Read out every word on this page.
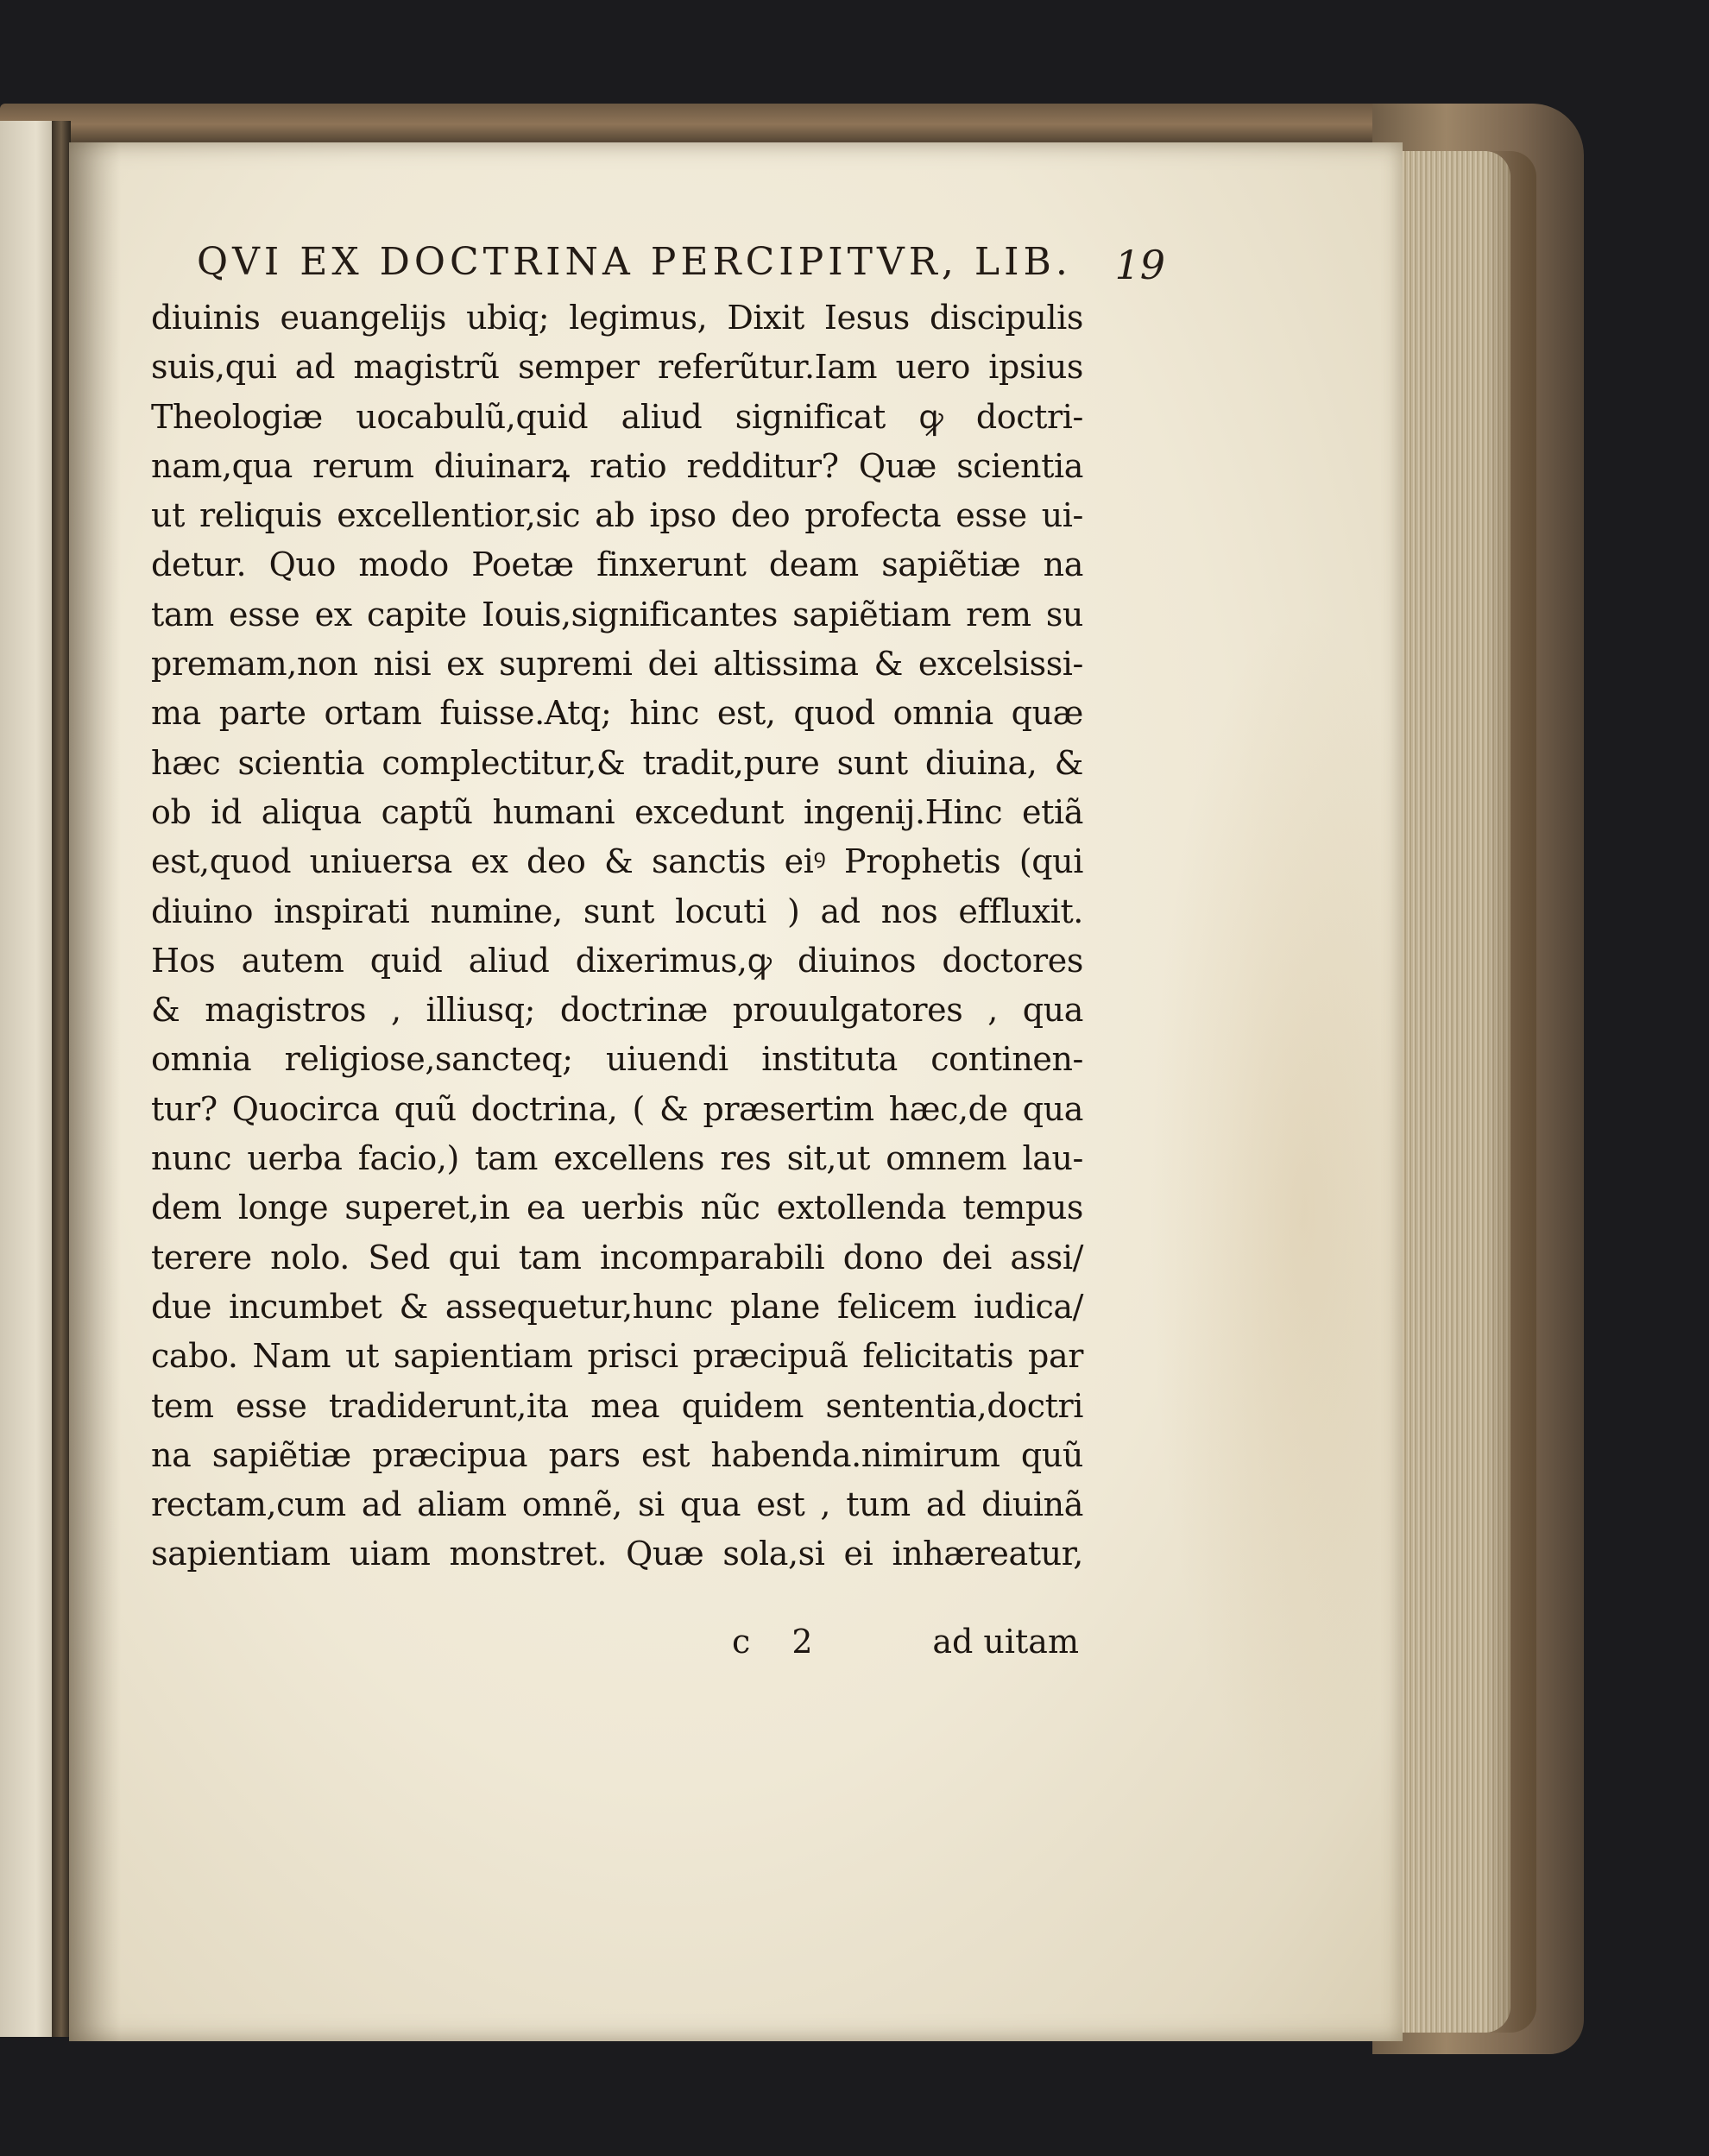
QVI EX DOCTRINA PERCIPITVR, LIB.	19
diuinis euangeliјs ubiq; legimus, Dixit Iesus discipulis
suis,qui ad magistrũ semper referũtur.Iam uero ipsius
Theologiæ uocabulũ,quid aliud significat ꝙ doctri-
nam,qua rerum diuinarꝝ ratio redditur? Quæ scientia
ut reliquis excellentior,sic ab ipso deo profecta esse ui-
detur. Quo modo Poetæ finxerunt deam sapiẽtiæ na
tam esse ex capite Iouis,significantes sapiẽtiam rem su
premam,non nisi ex supremi dei altissima & excelsissi-
ma parte ortam fuisse.Atq; hinc est, quod omnia quæ
hæc scientia complectitur,& tradit,pure sunt diuina, &
ob id aliqua captũ humani excedunt ingeniј.Hinc etiã
est,quod uniuersa ex deo & sanctis eiꝰ Prophetis (qui
diuino inspirati numine, sunt locuti ) ad nos effluxit.
Hos autem quid aliud dixerimus,ꝙ diuinos doctores
& magistros , illiusq; doctrinæ prouulgatores , qua
omnia religiose,sancteq; uiuendi instituta continen-
tur? Quocirca quũ doctrina, ( & præsertim hæc,de qua
nunc uerba facio,) tam excellens res sit,ut omnem lau-
dem longe superet,in ea uerbis nũc extollenda tempus
terere nolo. Sed qui tam incomparabili dono dei assi/
due incumbet & assequetur,hunc plane felicem iudica/
cabo. Nam ut sapientiam prisci præcipuã felicitatis par
tem esse tradiderunt,ita mea quidem sententia,doctri
na sapiẽtiæ præcipua pars est habenda.nimirum quũ
rectam,cum ad aliam omnẽ, si qua est , tum ad diuinã
sapientiam uiam monstret. Quæ sola,si ei inhæreatur,
c 2	ad uitam
